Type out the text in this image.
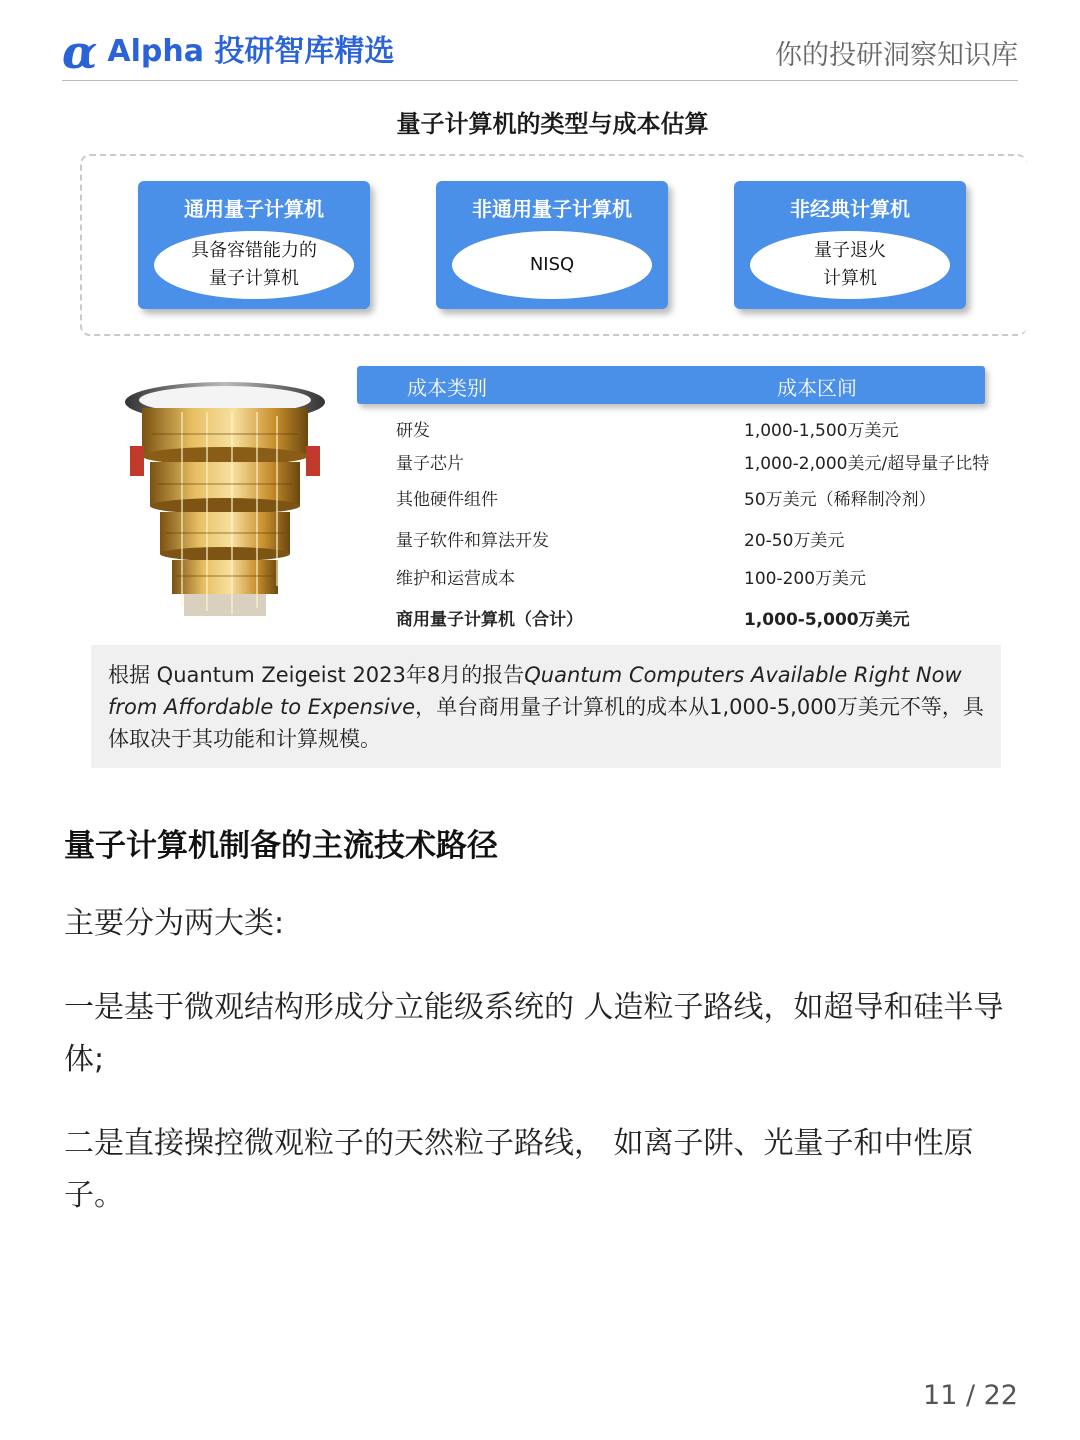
α Alpha 投研智库精选	你的投研洞察知识库
量子计算机的类型与成本估算
通用量子计算机
具备容错能力的
量子计算机
非通用量子计算机
NISQ
非经典计算机
量子退火
计算机
成本类别	成本区间
研发	1,000-1,500万美元
量子芯片	1,000-2,000美元/超导量子比特
其他硬件组件	50万美元（稀释制冷剂）
量子软件和算法开发	20-50万美元
维护和运营成本	100-200万美元
商用量子计算机（合计）	1,000-5,000万美元
根据 Quantum Zeigeist 2023年8月的报告Quantum Computers Available Right Now from Affordable to Expensive，单台商用量子计算机的成本从1,000-5,000万美元不等，具体取决于其功能和计算规模。
量子计算机制备的主流技术路径
主要分为两大类:
一是基于微观结构形成分立能级系统的 人造粒子路线，如超导和硅半导体;
二是直接操控微观粒子的天然粒子路线， 如离子阱、光量子和中性原子。
11 / 22
